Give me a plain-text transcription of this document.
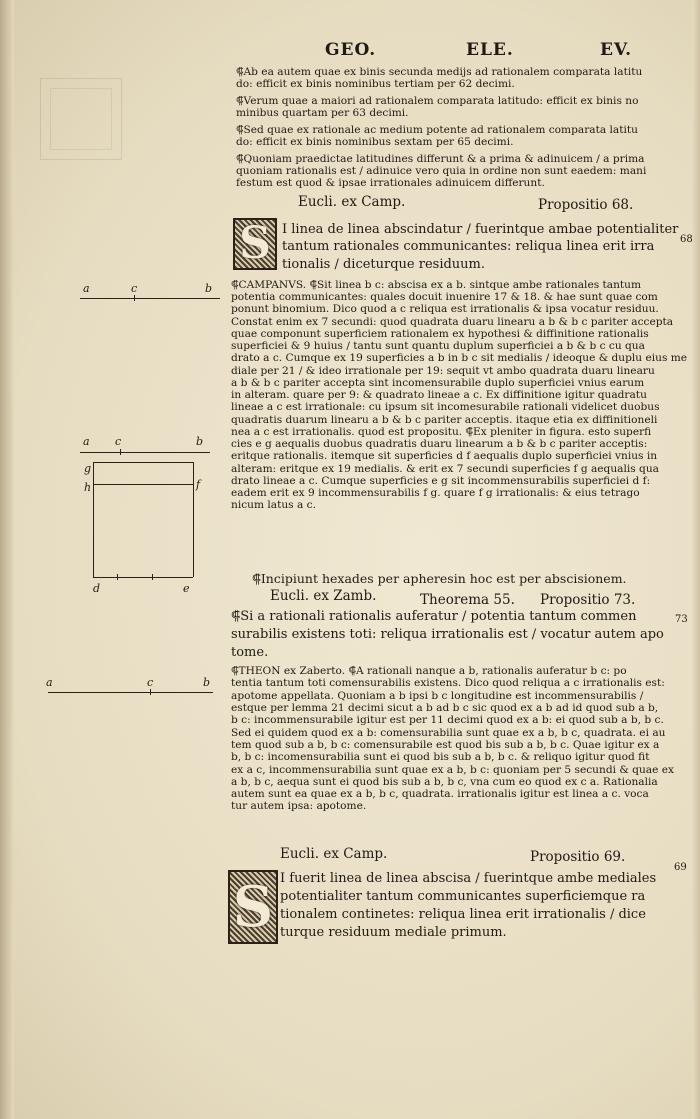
GEO.	ELE.	EV.
⸿Ab ea autem quae ex binis secunda medijs ad rationalem comparata latitu
do: efficit ex binis nominibus tertiam per 62 decimi.
⸿Verum quae a maiori ad rationalem comparata latitudo: efficit ex binis no
minibus quartam per 63 decimi.
⸿Sed quae ex rationale ac medium potente ad rationalem comparata latitu
do: efficit ex binis nominibus sextam per 65 decimi.
⸿Quoniam praedictae latitudines differunt & a prima & adinuicem / a prima
quoniam rationalis est / adinuice vero quia in ordine non sunt eaedem: mani
festum est quod & ipsae irrationales adinuicem differunt.
Eucli. ex Camp.	Propositio 68.
S I linea de linea abscindatur / fuerintque ambae potentialiter
tantum rationales communicantes: reliqua linea erit irra
tionalis / diceturque residuum.
68
⸿CAMPANVS. ⸿Sit linea b c: abscisa ex a b. sintque ambe rationales tantum
potentia communicantes: quales docuit inuenire 17 & 18. & hae sunt quae com
ponunt binomium. Dico quod a c reliqua est irrationalis & ipsa vocatur residuu.
Constat enim ex 7 secundi: quod quadrata duaru linearu a b & b c pariter accepta
quae componunt superficiem rationalem ex hypothesi & diffinitione rationalis
superficiei & 9 huius / tantu sunt quantu duplum superficiei a b & b c cu qua
drato a c. Cumque ex 19 superficies a b in b c sit medialis / ideoque & duplu eius me
diale per 21 / & ideo irrationale per 19: sequit vt ambo quadrata duaru linearu
a b & b c pariter accepta sint incomensurabile duplo superficiei vnius earum
in alteram. quare per 9: & quadrato lineae a c. Ex diffinitione igitur quadratu
lineae a c est irrationale: cu ipsum sit incomesurabile rationali videlicet duobus
quadratis duarum linearu a b & b c pariter acceptis. itaque etia ex diffinitioneli
nea a c est irrationalis. quod est propositu. ⸿Ex pleniter in figura. esto superfi
cies e g aequalis duobus quadratis duaru linearum a b & b c pariter acceptis:
eritque rationalis. itemque sit superficies d f aequalis duplo superficiei vnius in
alteram: eritque ex 19 medialis. & erit ex 7 secundi superficies f g aequalis qua
drato lineae a c. Cumque superficies e g sit incommensurabilis superficiei d f:
eadem erit ex 9 incommensurabilis f g. quare f g irrationalis: & eius tetrago
nicum latus a c.
⸿Incipiunt hexades per apheresin hoc est per abscisionem.
Eucli. ex Zamb.	Theorema 55. Propositio 73.
⸿Si a rationali rationalis auferatur / potentia tantum commen
surabilis existens toti: reliqua irrationalis est / vocatur autem apo
tome.
73
⸿THEON ex Zaberto. ⸿A rationali nanque a b, rationalis auferatur b c: po
tentia tantum toti comensurabilis existens. Dico quod reliqua a c irrationalis est:
apotome appellata. Quoniam a b ipsi b c longitudine est incommensurabilis /
estque per lemma 21 decimi sicut a b ad b c sic quod ex a b ad id quod sub a b,
b c: incommensurabile igitur est per 11 decimi quod ex a b: ei quod sub a b, b c.
Sed ei quidem quod ex a b: comensurabilia sunt quae ex a b, b c, quadrata. ei au
tem quod sub a b, b c: comensurabile est quod bis sub a b, b c. Quae igitur ex a
b, b c: incomensurabilia sunt ei quod bis sub a b, b c. & reliquo igitur quod fit
ex a c, incommensurabilia sunt quae ex a b, b c: quoniam per 5 secundi & quae ex
a b, b c, aequa sunt ei quod bis sub a b, b c, vna cum eo quod ex c a. Rationalia
autem sunt ea quae ex a b, b c, quadrata. irrationalis igitur est linea a c. voca
tur autem ipsa: apotome.
Eucli. ex Camp.	Propositio 69.
69
S I fuerit linea de linea abscisa / fuerintque ambe mediales
potentialiter tantum communicantes superficiemque ra
tionalem continetes: reliqua linea erit irrationalis / dice
turque residuum mediale primum.
a	c	b
a c	b
g
h	f
d	e
a	c	b
